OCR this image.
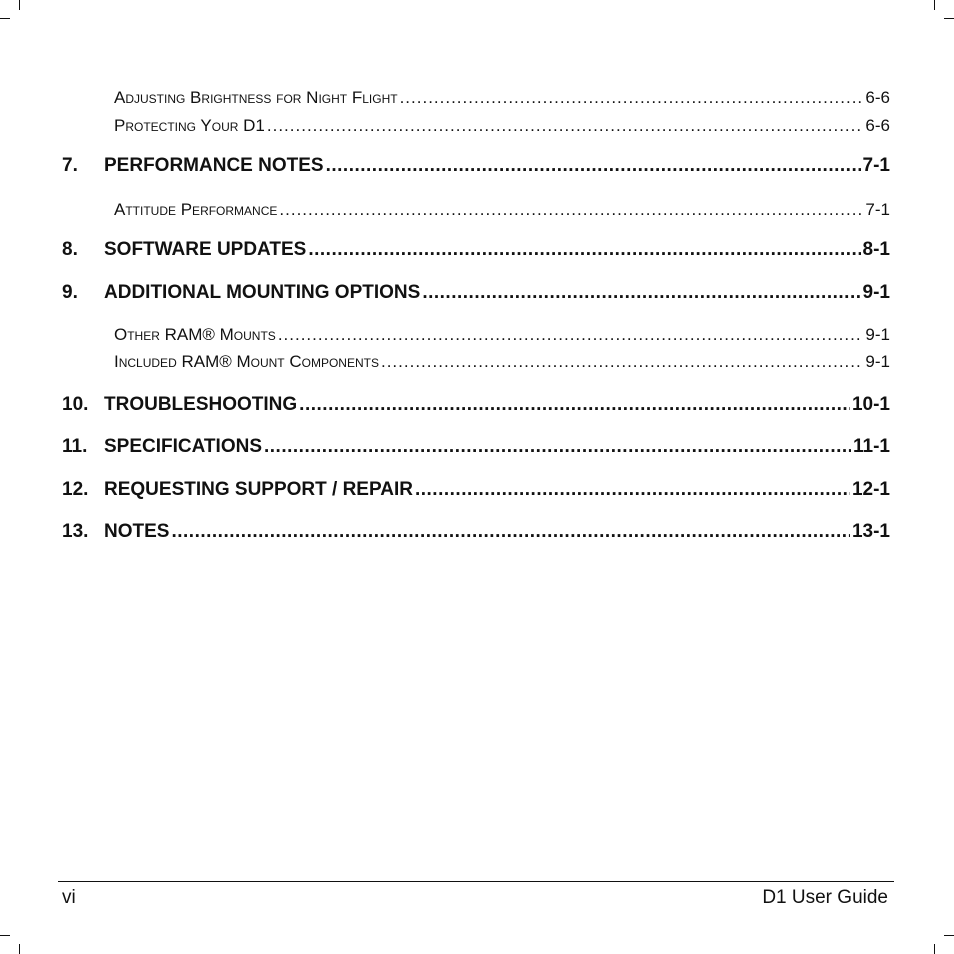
Adjusting Brightness for Night Flight .....	6-6
Protecting Your D1 .....	6-6
7.	PERFORMANCE NOTES .....	7-1
Attitude Performance .....	7-1
8.	SOFTWARE UPDATES .....	8-1
9.	ADDITIONAL MOUNTING OPTIONS .....	9-1
Other RAM® Mounts .....	9-1
Included RAM® Mount Components .....	9-1
10. TROUBLESHOOTING .....	10-1
11. SPECIFICATIONS .....	11-1
12. REQUESTING SUPPORT / REPAIR .....	12-1
13. NOTES .....	13-1
vi	D1 User Guide
